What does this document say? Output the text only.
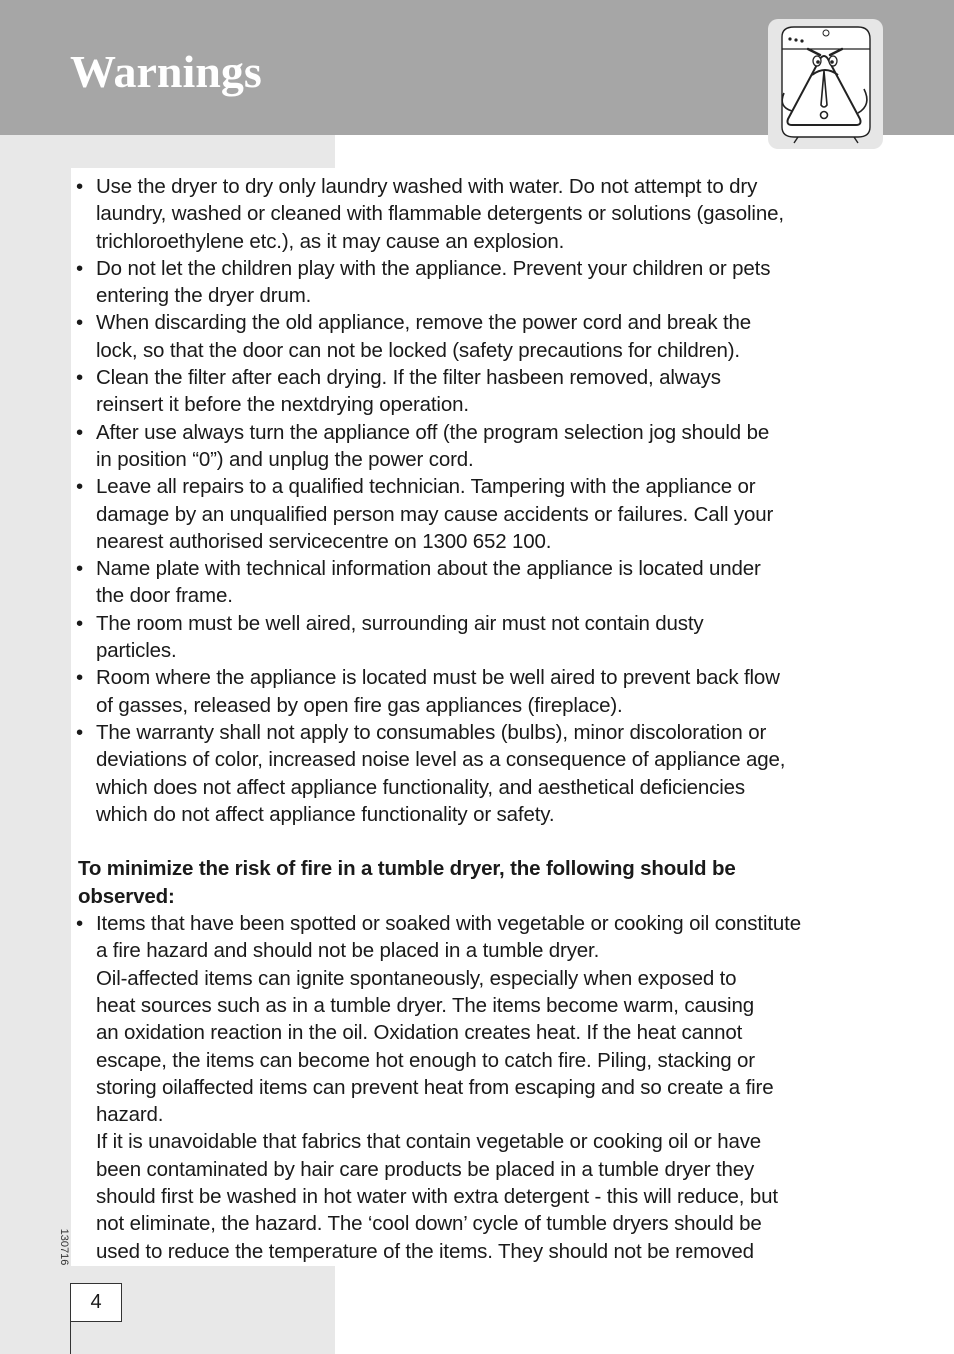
Warnings
• Use the dryer to dry only laundry washed with water. Do not attempt to dry
laundry, washed or cleaned with flammable detergents or solutions (gasoline,
trichloroethylene etc.), as it may cause an explosion.
• Do not let the children play with the appliance. Prevent your children or pets
entering the dryer drum.
• When discarding the old appliance, remove the power cord and break the
lock, so that the door can not be locked (safety precautions for children).
• Clean the filter after each drying. If the filter hasbeen removed, always
reinsert it before the nextdrying operation.
• After use always turn the appliance off (the program selection jog should be
in position “0”) and unplug the power cord.
• Leave all repairs to a qualified technician. Tampering with the appliance or
damage by an unqualified person may cause accidents or failures. Call your
nearest authorised servicecentre on 1300 652 100.
• Name plate with technical information about the appliance is located under
the door frame.
• The room must be well aired, surrounding air must not contain dusty
particles.
• Room where the appliance is located must be well aired to prevent back flow
of gasses, released by open fire gas appliances (fireplace).
• The warranty shall not apply to consumables (bulbs), minor discoloration or
deviations of color, increased noise level as a consequence of appliance age,
which does not affect appliance functionality, and aesthetical deficiencies
which do not affect appliance functionality or safety.
To minimize the risk of fire in a tumble dryer, the following should be
observed:
• Items that have been spotted or soaked with vegetable or cooking oil constitute
a fire hazard and should not be placed in a tumble dryer.
Oil-affected items can ignite spontaneously, especially when exposed to
heat sources such as in a tumble dryer. The items become warm, causing
an oxidation reaction in the oil. Oxidation creates heat. If the heat cannot
escape, the items can become hot enough to catch fire. Piling, stacking or
storing oilaffected items can prevent heat from escaping and so create a fire
hazard.
If it is unavoidable that fabrics that contain vegetable or cooking oil or have
been contaminated by hair care products be placed in a tumble dryer they
should first be washed in hot water with extra detergent - this will reduce, but
not eliminate, the hazard. The ‘cool down’ cycle of tumble dryers should be
used to reduce the temperature of the items. They should not be removed
130716
4
